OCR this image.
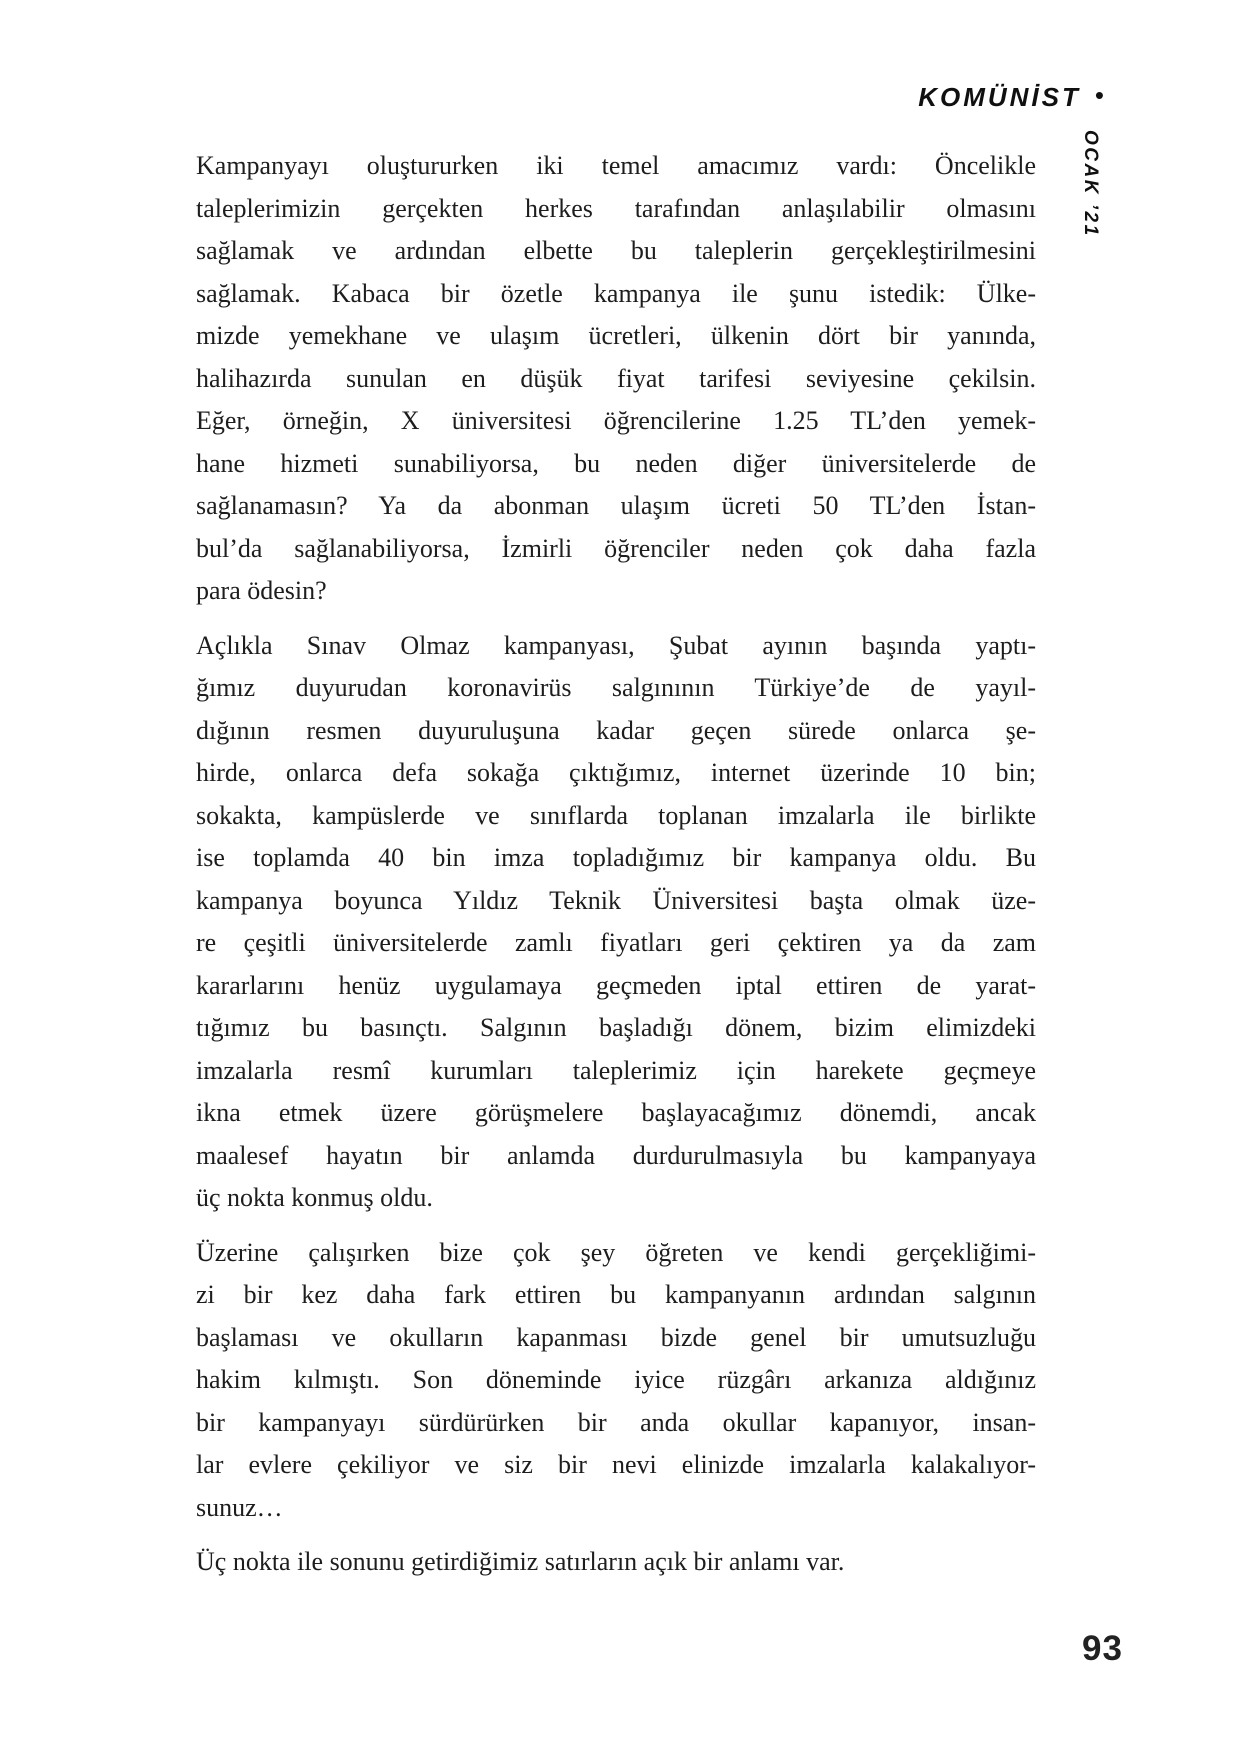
KOMÜNİST •
OCAK ’21
Kampanyayı oluştururken iki temel amacımız vardı: Öncelikle
taleplerimizin gerçekten herkes tarafından anlaşılabilir olmasını
sağlamak ve ardından elbette bu taleplerin gerçekleştirilmesini
sağlamak. Kabaca bir özetle kampanya ile şunu istedik: Ülke-
mizde yemekhane ve ulaşım ücretleri, ülkenin dört bir yanında,
halihazırda sunulan en düşük fiyat tarifesi seviyesine çekilsin.
Eğer, örneğin, X üniversitesi öğrencilerine 1.25 TL’den yemek-
hane hizmeti sunabiliyorsa, bu neden diğer üniversitelerde de
sağlanamasın? Ya da abonman ulaşım ücreti 50 TL’den İstan-
bul’da sağlanabiliyorsa, İzmirli öğrenciler neden çok daha fazla
para ödesin?
Açlıkla Sınav Olmaz kampanyası, Şubat ayının başında yaptı-
ğımız duyurudan koronavirüs salgınının Türkiye’de de yayıl-
dığının resmen duyuruluşuna kadar geçen sürede onlarca şe-
hirde, onlarca defa sokağa çıktığımız, internet üzerinde 10 bin;
sokakta, kampüslerde ve sınıflarda toplanan imzalarla ile birlikte
ise toplamda 40 bin imza topladığımız bir kampanya oldu. Bu
kampanya boyunca Yıldız Teknik Üniversitesi başta olmak üze-
re çeşitli üniversitelerde zamlı fiyatları geri çektiren ya da zam
kararlarını henüz uygulamaya geçmeden iptal ettiren de yarat-
tığımız bu basınçtı. Salgının başladığı dönem, bizim elimizdeki
imzalarla resmî kurumları taleplerimiz için harekete geçmeye
ikna etmek üzere görüşmelere başlayacağımız dönemdi, ancak
maalesef hayatın bir anlamda durdurulmasıyla bu kampanyaya
üç nokta konmuş oldu.
Üzerine çalışırken bize çok şey öğreten ve kendi gerçekliğimi-
zi bir kez daha fark ettiren bu kampanyanın ardından salgının
başlaması ve okulların kapanması bizde genel bir umutsuzluğu
hakim kılmıştı. Son döneminde iyice rüzgârı arkanıza aldığınız
bir kampanyayı sürdürürken bir anda okullar kapanıyor, insan-
lar evlere çekiliyor ve siz bir nevi elinizde imzalarla kalakalıyor-
sunuz…
Üç nokta ile sonunu getirdiğimiz satırların açık bir anlamı var.
93
